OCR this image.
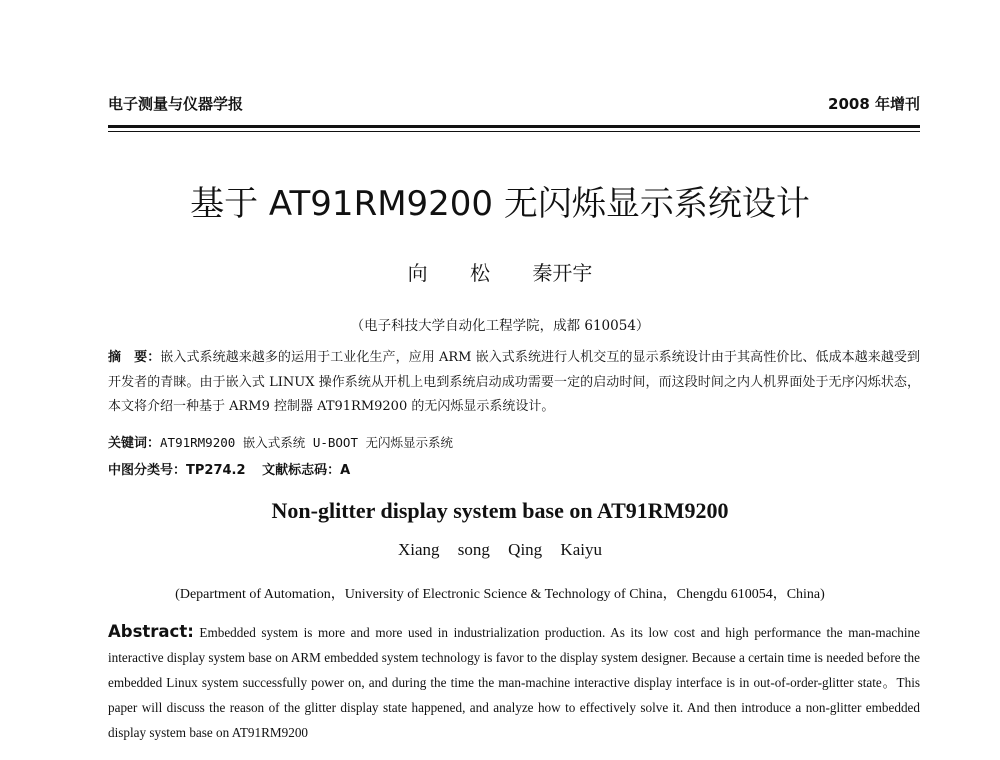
电子测量与仪器学报	2008 年增刊
基于 AT91RM9200 无闪烁显示系统设计
向 松 秦开宇
（电子科技大学自动化工程学院，成都 610054）
摘　要：嵌入式系统越来越多的运用于工业化生产，应用 ARM 嵌入式系统进行人机交互的显示系统设计由于其高性价比、低成本越来越受到开发者的青睐。由于嵌入式 LINUX 操作系统从开机上电到系统启动成功需要一定的启动时间，而这段时间之内人机界面处于无序闪烁状态，本文将介绍一种基于 ARM9 控制器 AT91RM9200 的无闪烁显示系统设计。
关键词：AT91RM9200 嵌入式系统 U-BOOT 无闪烁显示系统
中图分类号：TP274.2 文献标志码：A
Non-glitter display system base on AT91RM9200
Xiang song Qing Kaiyu
(Department of Automation，University of Electronic Science & Technology of China，Chengdu 610054，China)
Abstract: Embedded system is more and more used in industrialization production. As its low cost and high performance the man-machine interactive display system base on ARM embedded system technology is favor to the display system designer. Because a certain time is needed before the embedded Linux system successfully power on, and during the time the man-machine interactive display interface is in out-of-order-glitter state。This paper will discuss the reason of the glitter display state happened, and analyze how to effectively solve it. And then introduce a non-glitter embedded display system base on AT91RM9200
